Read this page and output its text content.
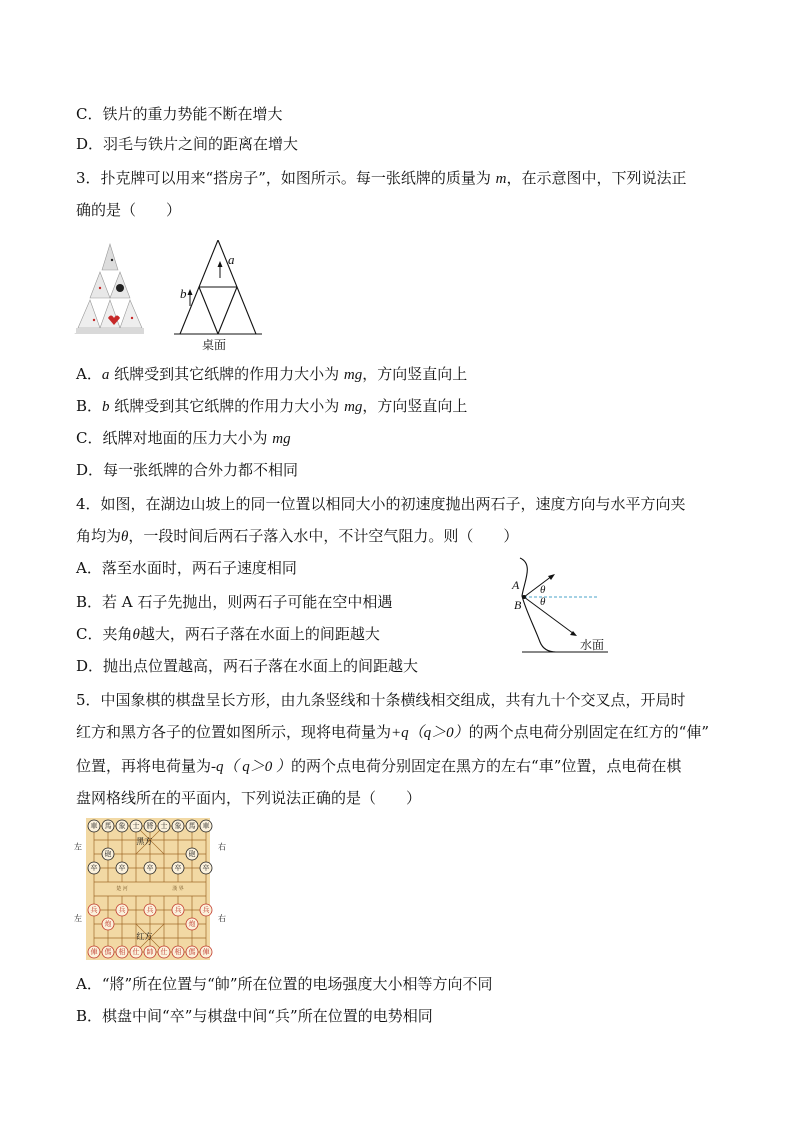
C．铁片的重力势能不断在增大
D．羽毛与铁片之间的距离在增大
3．扑克牌可以用来“搭房子”，如图所示。每一张纸牌的质量为 m，在示意图中，下列说法正
确的是（　　）
a
b
桌面
A．a 纸牌受到其它纸牌的作用力大小为 mg，方向竖直向上
B．b 纸牌受到其它纸牌的作用力大小为 mg，方向竖直向上
C．纸牌对地面的压力大小为 mg
D．每一张纸牌的合外力都不相同
4．如图，在湖边山坡上的同一位置以相同大小的初速度抛出两石子，速度方向与水平方向夹
角均为θ，一段时间后两石子落入水中，不计空气阻力。则（　　）
A．落至水面时，两石子速度相同
B．若 A 石子先抛出，则两石子可能在空中相遇
C．夹角θ越大，两石子落在水面上的间距越大
D．抛出点位置越高，两石子落在水面上的间距越大
A
B
θ
θ
水面
5．中国象棋的棋盘呈长方形，由九条竖线和十条横线相交组成，共有九十个交叉点，开局时
红方和黑方各子的位置如图所示，现将电荷量为+q（q＞0）的两个点电荷分别固定在红方的“俥”
位置，再将电荷量为-q（ q＞0 ）的两个点电荷分别固定在黑方的左右“車”位置，点电荷在棋
盘网格线所在的平面内，下列说法正确的是（　　）
楚 河	漢 界
車 馬 象 士 將 士 象 馬 車
砲	砲
卒	卒	卒	卒	卒
兵	兵	兵	兵	兵
炮	炮
俥 傌 相 仕 帥 仕 相 傌 俥
黑方
红方
左	右
左	右
A．“將”所在位置与“帥”所在位置的电场强度大小相等方向不同
B．棋盘中间“卒”与棋盘中间“兵”所在位置的电势相同
